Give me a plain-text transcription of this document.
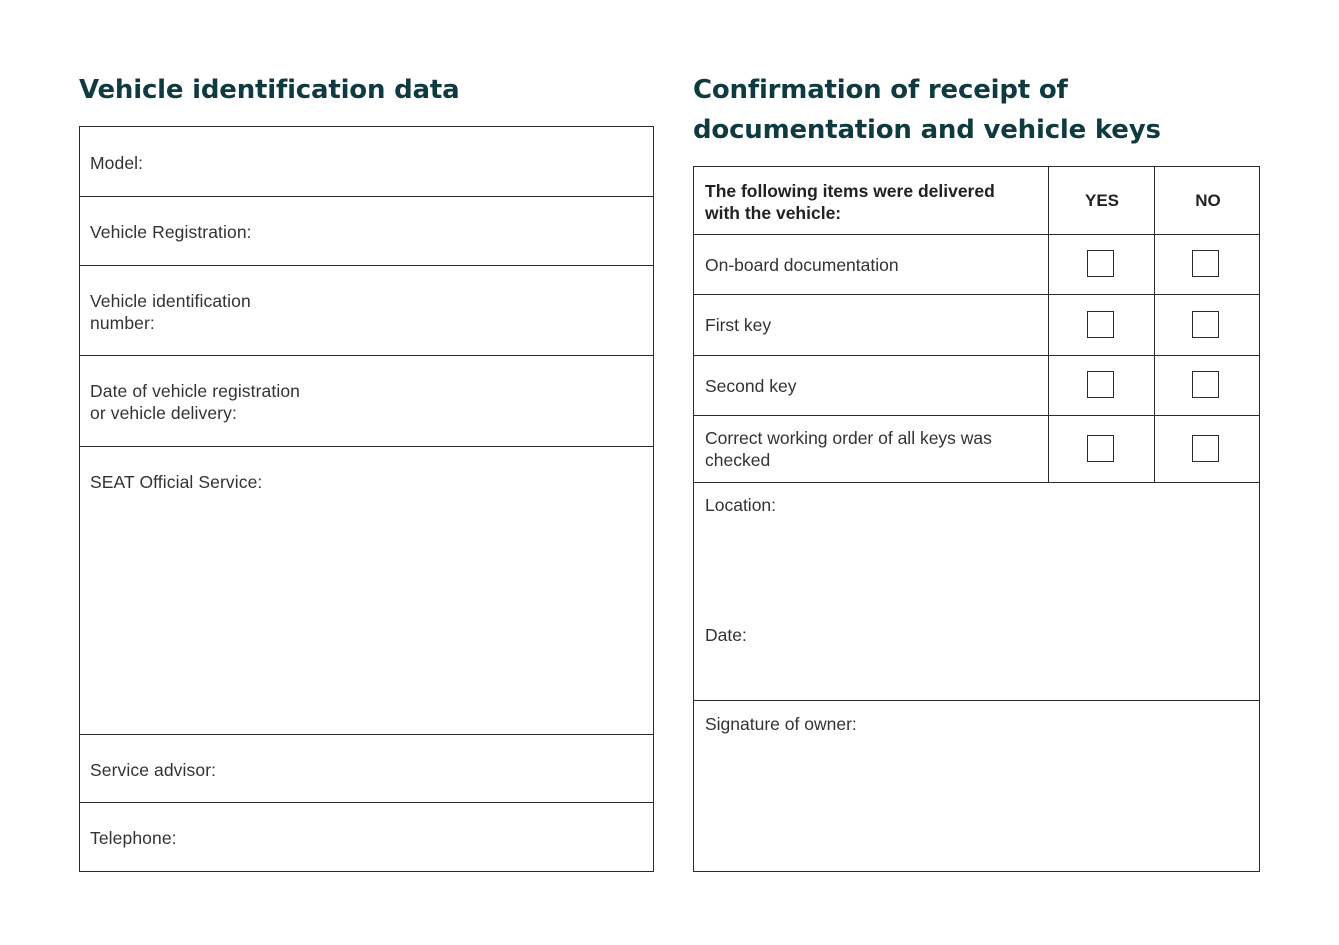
Vehicle identification data	Confirmation of receipt of documentation and vehicle keys
Model:
Vehicle Registration:
Vehicle identification
number:
Date of vehicle registration
or vehicle delivery:
SEAT Official Service:
Service advisor:
Telephone:
The following items were delivered
with the vehicle:
YES	NO
On-board documentation
First key
Second key
Correct working order of all keys was
checked
Location:
Date:
Signature of owner:
